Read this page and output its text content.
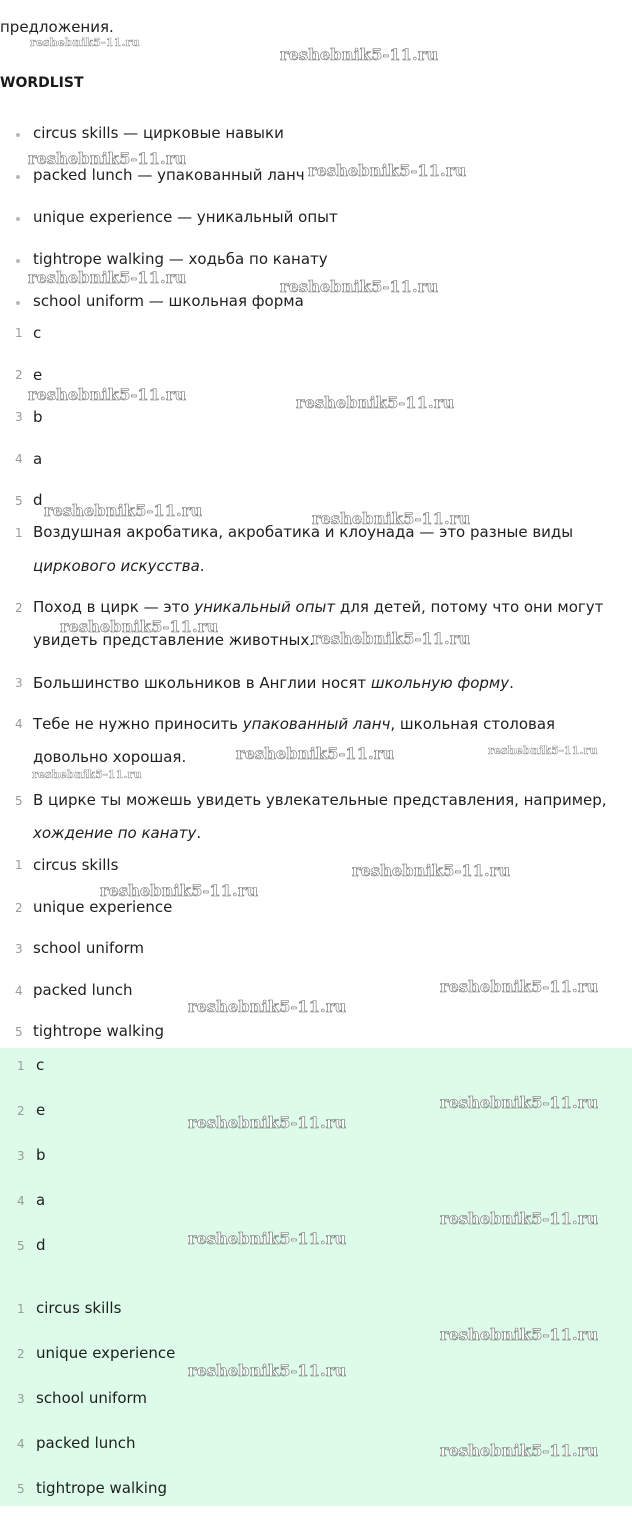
предложения.
WORDLIST
circus skills — цирковые навыки
packed lunch — упакованный ланч
unique experience — уникальный опыт
tightrope walking — ходьба по канату
school uniform — школьная форма
1 c
2 e
3 b
4 a
5 d
1 Воздушная акробатика, акробатика и клоунада — это разные виды
циркового искусства.
2 Поход в цирк — это уникальный опыт для детей, потому что они могут
увидеть представление животных.
3 Большинство школьников в Англии носят школьную форму.
4 Тебе не нужно приносить упакованный ланч, школьная столовая
довольно хорошая.
5 В цирке ты можешь увидеть увлекательные представления, например,
хождение по канату.
1 circus skills
2 unique experience
3 school uniform
4 packed lunch
5 tightrope walking
1 c
2 e
3 b
4 a
5 d
1 circus skills
2 unique experience
3 school uniform
4 packed lunch
5 tightrope walking
reshebnik5-11.ru
reshebnik5-11.ru
reshebnik5-11.ru
reshebnik5-11.ru
reshebnik5-11.ru	reshebnik5-11.ru
reshebnik5-11.ru	reshebnik5-11.ru
reshebnik5-11.ru	reshebnik5-11.ru
reshebnik5-11.ru
reshebnik5-11.ru
reshebnik5-11.ru	reshebnik5-11.ru
reshebnik5-11.ru
reshebnik5-11.ru
reshebnik5-11.ru
reshebnik5-11.ru
reshebnik5-11.ru
reshebnik5-11.ru
reshebnik5-11.ru
reshebnik5-11.ru
reshebnik5-11.ru
reshebnik5-11.ru
reshebnik5-11.ru
reshebnik5-11.ru
